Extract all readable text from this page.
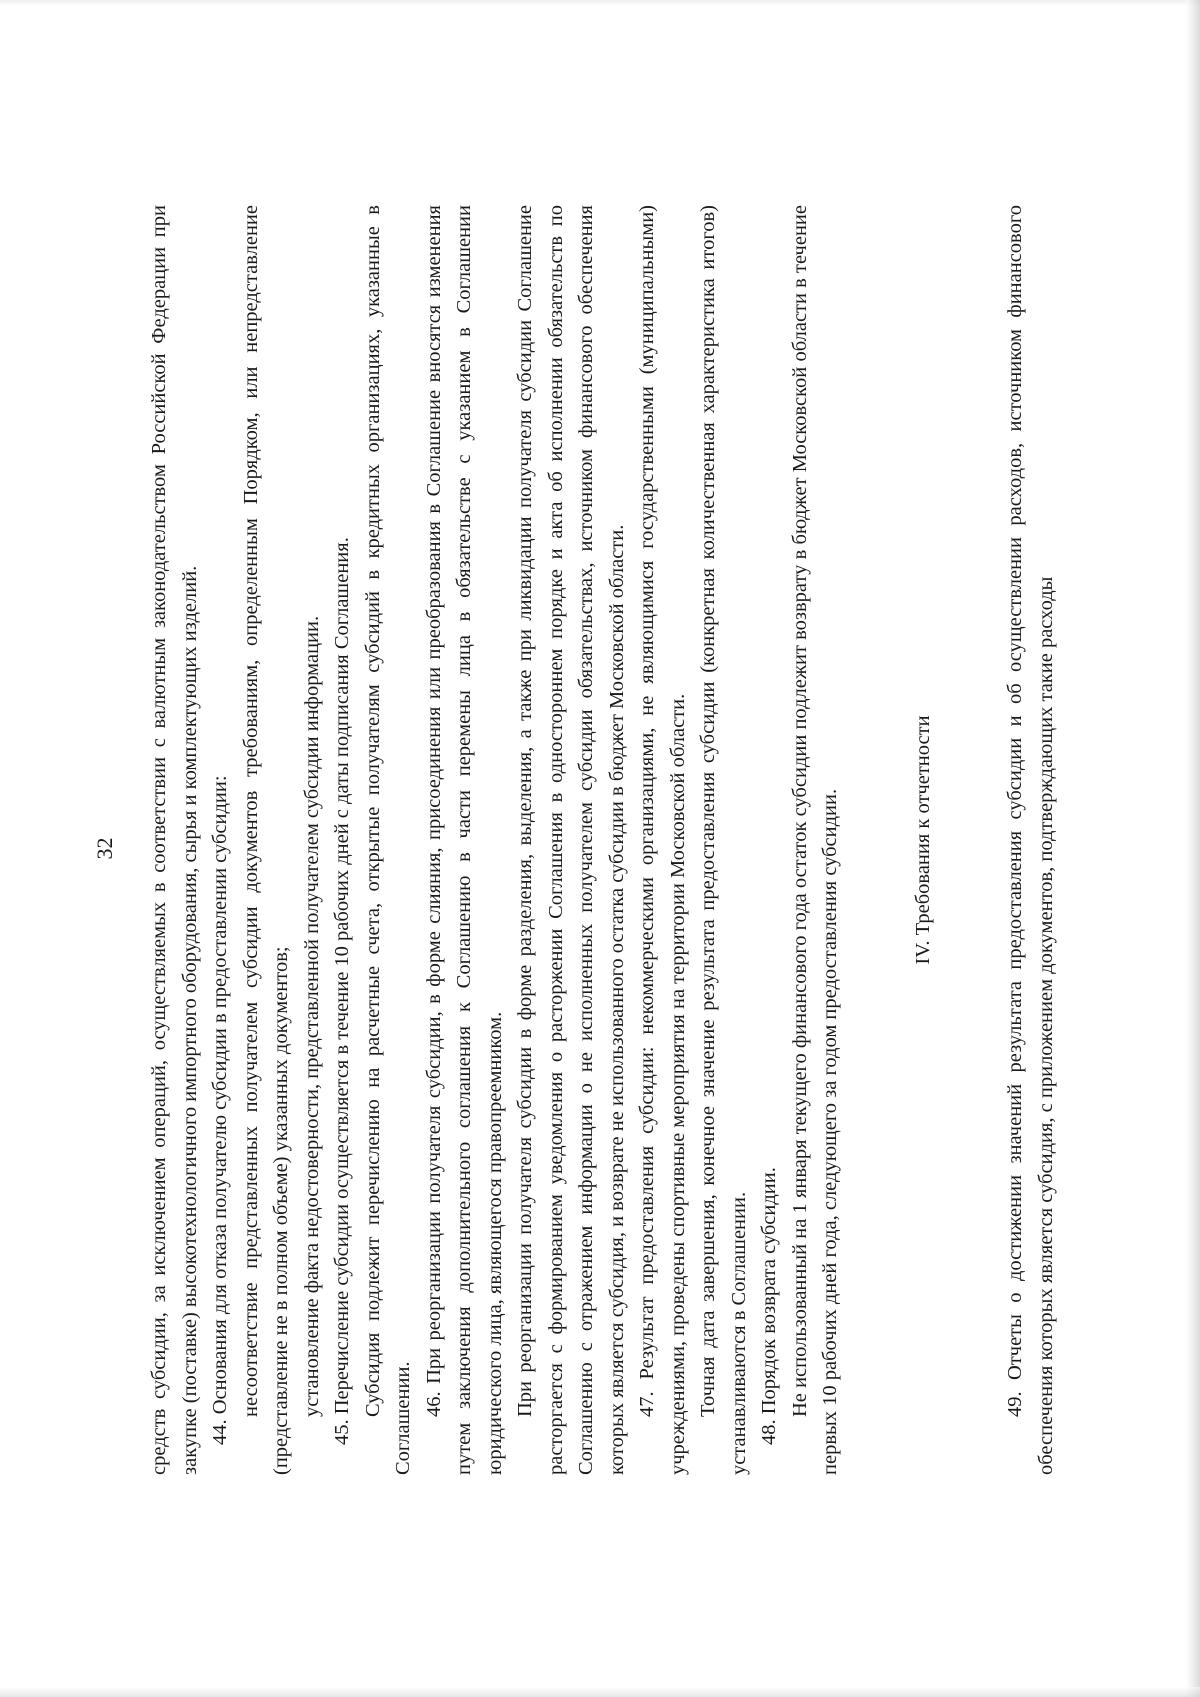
32 средств субсидии, за исключением операций, осуществляемых в соответствии с валютным законодательством Российской Федерации при закупке (поставке) высокотехнологичного импортного оборудования, сырья и комплектующих изделий. 44. Основания для отказа получателю субсидии в предоставлении субсидии: несоответствие представленных получателем субсидии документов требованиям, определенным Порядком, или непредставление (представление не в полном объеме) указанных документов; установление факта недостоверности, представленной получателем субсидии информации. 45. Перечисление субсидии осуществляется в течение 10 рабочих дней с даты подписания Соглашения. Субсидия подлежит перечислению на расчетные счета, открытые получателям субсидий в кредитных организациях, указанные в Соглашении.

46. При реорганизации получателя субсидии, в форме слияния, присоединения или преобразования в Соглашение вносятся изменения путем заключения дополнительного соглашения к Соглашению в части перемены лица в обязательстве с указанием в Соглашении юридического лица, являющегося правопреемником. При реорганизации получателя субсидии в форме разделения, выделения, а также при ликвидации получателя субсидии Соглашение расторгается с формированием уведомления о расторжении Соглашения в одностороннем порядке и акта об исполнении обязательств по Соглашению с отражением информации о не исполненных получателем субсидии обязательствах, источником финансового обеспечения которых является субсидия, и возврате не использованного остатка субсидии в бюджет Московской области. 47. Результат предоставления субсидии: некоммерческими организациями, не являющимися государственными (муниципальными) учреждениями, проведены спортивные мероприятия на территории Московской области. Точная дата завершения, конечное значение результата предоставления субсидии (конкретная количественная характеристика итогов) устанавливаются в Соглашении. 48. Порядок возврата субсидии. Не использованный на 1 января текущего финансового года остаток субсидии подлежит возврату в бюджет Московской области в течение первых 10 рабочих дней года, следующего за годом предоставления субсидии.	IV. Требования к отчетности	49. Отчеты о достижении значений результата предоставления субсидии и об осуществлении расходов, источником финансового обеспечения которых является субсидия, с приложением документов, подтверждающих такие расходы
